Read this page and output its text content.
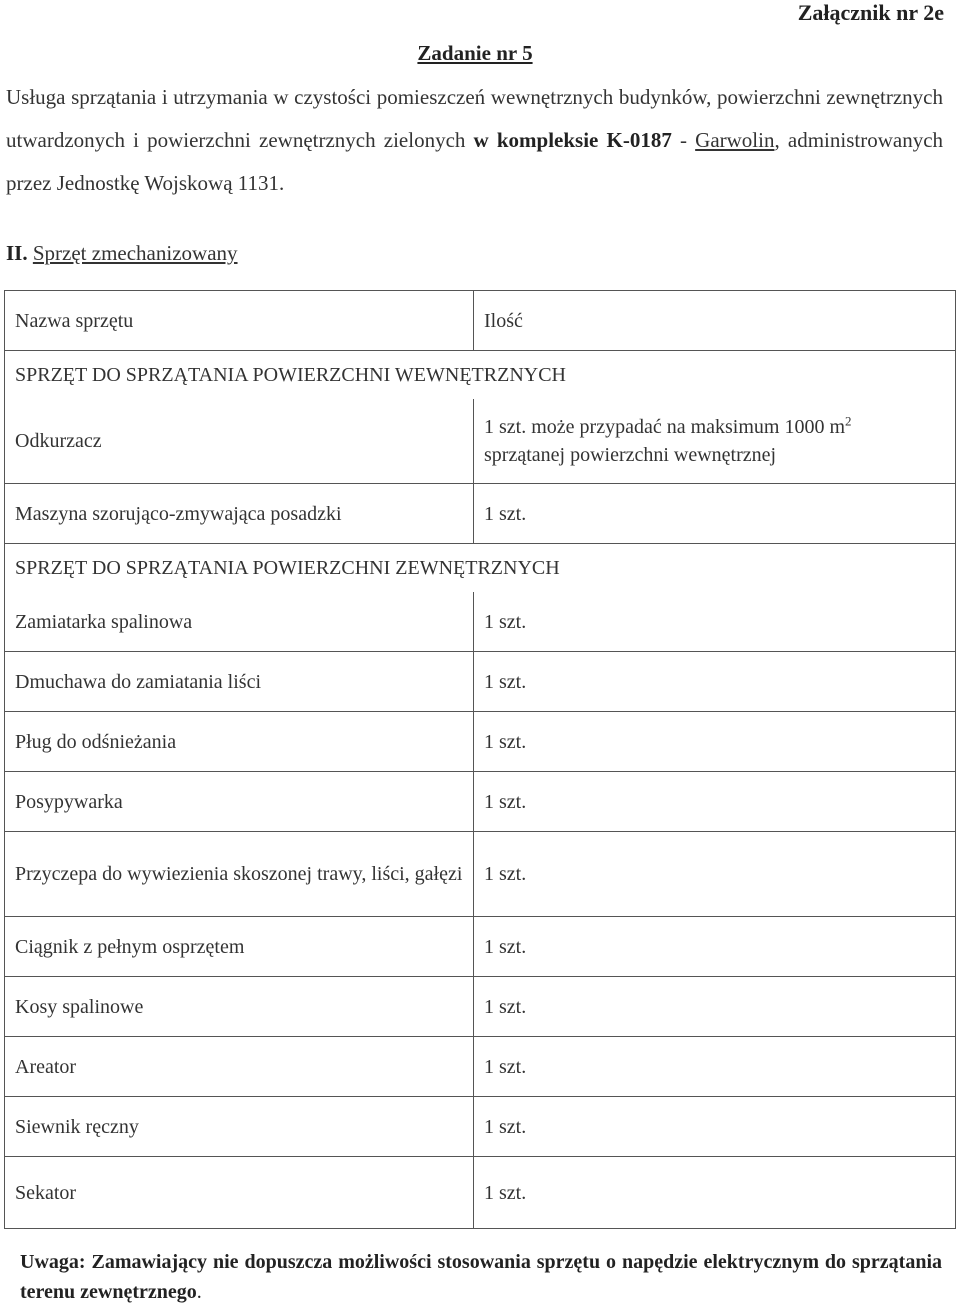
Załącznik nr 2e
Zadanie nr 5
Usługa sprzątania i utrzymania w czystości pomieszczeń wewnętrznych budynków, powierzchni zewnętrznych utwardzonych i powierzchni zewnętrznych zielonych w kompleksie K-0187 - Garwolin, administrowanych przez Jednostkę Wojskową 1131.
II. Sprzęt zmechanizowany
Nazwa sprzętu	Ilość
SPRZĘT DO SPRZĄTANIA POWIERZCHNI WEWNĘTRZNYCH	
Odkurzacz	1 szt. może przypadać na maksimum 1000 $m^2$
sprzątanej powierzchni wewnętrznej
Maszyna szorująco-zmywająca posadzki	1 szt.
SPRZĘT DO SPRZĄTANIA POWIERZCHNI ZEWNĘTRZNYCH	
Zamiatarka spalinowa	1 szt.
Dmuchawa do zamiatania liści	1 szt.
Pług do odśnieżania	1 szt.
Posypywarka	1 szt.
Przyczepa do wywiezienia skoszonej trawy, liści, gałęzi	1 szt.
Ciągnik z pełnym osprzętem	1 szt.
Kosy spalinowe	1 szt.
Areator	1 szt.
Siewnik ręczny	1 szt.
Sekator	1 szt.
Uwaga: Zamawiający nie dopuszcza możliwości stosowania sprzętu o napędzie elektrycznym do sprzątania terenu zewnętrznego.
